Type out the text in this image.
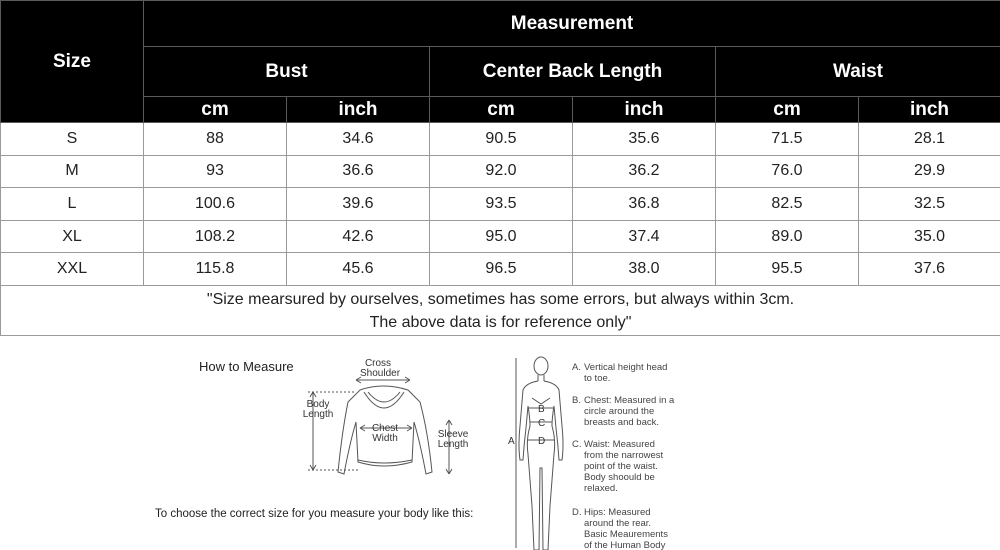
Size	Measurement					
	Bust		Center Back Length		Waist	
	cm	inch	cm	inch	cm	inch
S	88	34.6	90.5	35.6	71.5	28.1
M	93	36.6	92.0	36.2	76.0	29.9
L	100.6	39.6	93.5	36.8	82.5	32.5
XL	108.2	42.6	95.0	37.4	89.0	35.0
XXL	115.8	45.6	96.5	38.0	95.5	37.6

"Size mearsured by ourselves, sometimes has some errors, but always within 3cm.
The above data is for reference only"						
How to Measure	Cross
Shoulder
Body
Length
Chest
Width	Sleeve
Length
To choose the correct size for you measure your body like this:
A
B
C
D
A. Vertical height head
to toe.
B. Chest: Measured in a
circle around the
breasts and back.
C. Waist: Measured
from the narrowest
point of the waist.
Body shoould be
relaxed.
D. Hips: Measured
around the rear.
Basic Meaurements
of the Human Body
